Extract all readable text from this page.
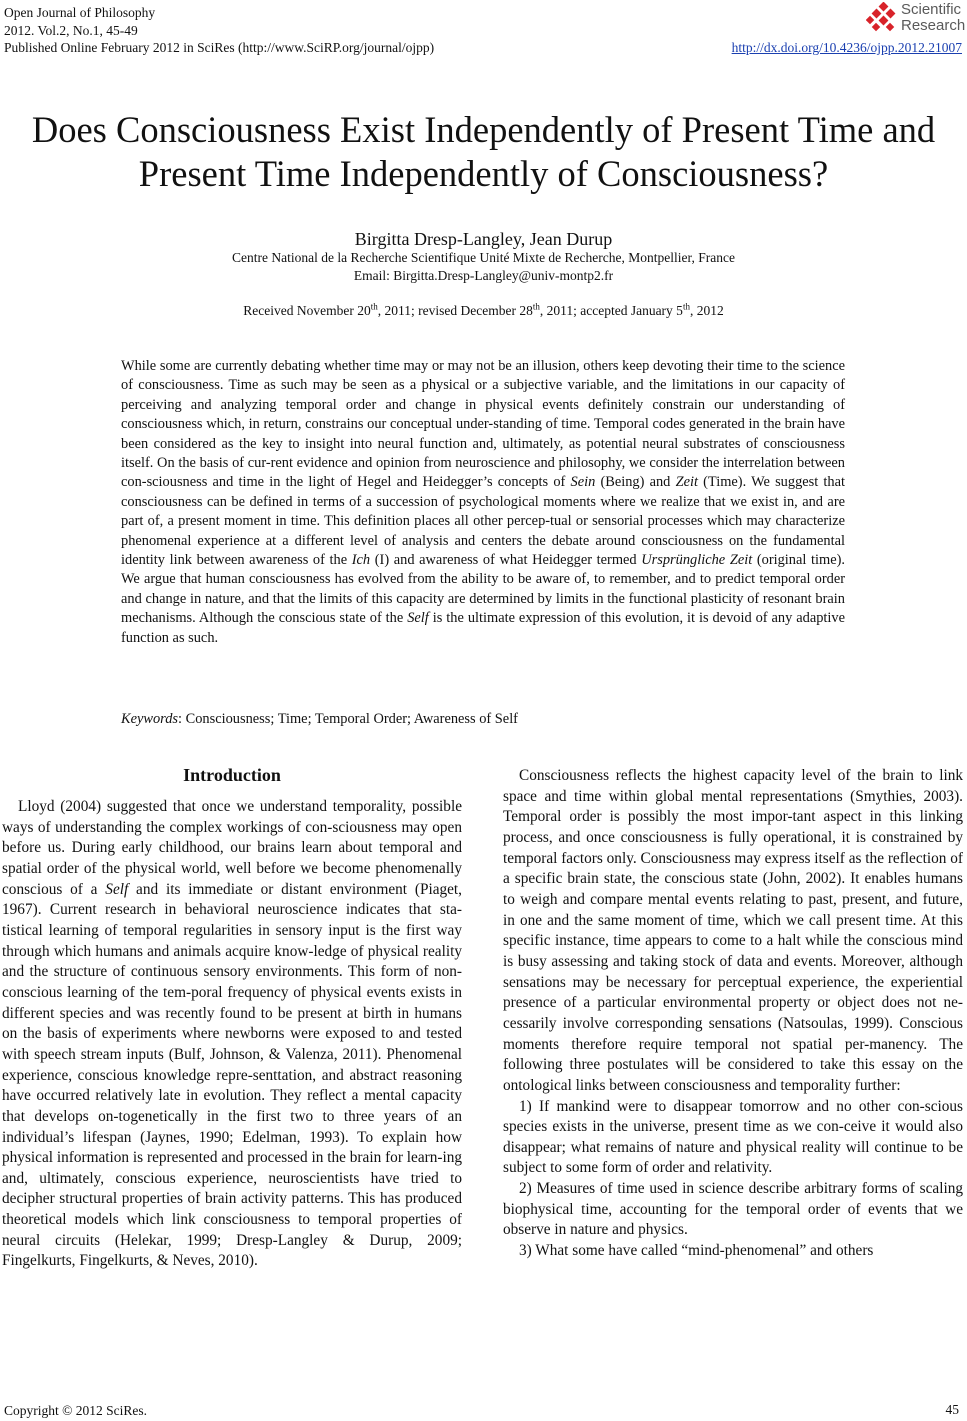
Open Journal of Philosophy
2012. Vol.2, No.1, 45-49
Published Online February 2012 in SciRes (http://www.SciRP.org/journal/ojpp)
Scientific
Research
http://dx.doi.org/10.4236/ojpp.2012.21007
Does Consciousness Exist Independently of Present Time and Present Time Independently of Consciousness?
Birgitta Dresp-Langley, Jean Durup
Centre National de la Recherche Scientifique Unité Mixte de Recherche, Montpellier, France
Email: Birgitta.Dresp-Langley@univ-montp2.fr
Received November 20th, 2011; revised December 28th, 2011; accepted January 5th, 2012
While some are currently debating whether time may or may not be an illusion, others keep devoting their time to the science of consciousness. Time as such may be seen as a physical or a subjective variable, and the limitations in our capacity of perceiving and analyzing temporal order and change in physical events definitely constrain our understanding of consciousness which, in return, constrains our conceptual under-standing of time. Temporal codes generated in the brain have been considered as the key to insight into neural function and, ultimately, as potential neural substrates of consciousness itself. On the basis of cur-rent evidence and opinion from neuroscience and philosophy, we consider the interrelation between con-sciousness and time in the light of Hegel and Heidegger’s concepts of Sein (Being) and Zeit (Time). We suggest that consciousness can be defined in terms of a succession of psychological moments where we realize that we exist in, and are part of, a present moment in time. This definition places all other percep-tual or sensorial processes which may characterize phenomenal experience at a different level of analysis and centers the debate around consciousness on the fundamental identity link between awareness of the Ich (I) and awareness of what Heidegger termed Ursprüngliche Zeit (original time). We argue that human consciousness has evolved from the ability to be aware of, to remember, and to predict temporal order and change in nature, and that the limits of this capacity are determined by limits in the functional plasticity of resonant brain mechanisms. Although the conscious state of the Self is the ultimate expression of this evolution, it is devoid of any adaptive function as such.
Keywords: Consciousness; Time; Temporal Order; Awareness of Self
Introduction

Lloyd (2004) suggested that once we understand temporality, possible ways of understanding the complex workings of con-sciousness may open before us. During early childhood, our brains learn about temporal and spatial order of the physical world, well before we become phenomenally conscious of a Self and its immediate or distant environment (Piaget, 1967). Current research in behavioral neuroscience indicates that sta-tistical learning of temporal regularities in sensory input is the first way through which humans and animals acquire know-ledge of physical reality and the structure of continuous sensory environments. This form of non-conscious learning of the tem-poral frequency of physical events exists in different species and was recently found to be present at birth in humans on the basis of experiments where newborns were exposed to and tested with speech stream inputs (Bulf, Johnson, & Valenza, 2011). Phenomenal experience, conscious knowledge repre-senttation, and abstract reasoning have occurred relatively late in evolution. They reflect a mental capacity that develops on-togenetically in the first two to three years of an individual’s lifespan (Jaynes, 1990; Edelman, 1993). To explain how physical information is represented and processed in the brain for learn-ing and, ultimately, conscious experience, neuroscientists have tried to decipher structural properties of brain activity patterns. This has produced theoretical models which link consciousness to temporal properties of neural circuits (Helekar, 1999; Dresp-Langley & Durup, 2009; Fingelkurts, Fingelkurts, & Neves, 2010).

Consciousness reflects the highest capacity level of the brain to link space and time within global mental representations (Smythies, 2003). Temporal order is possibly the most impor-tant aspect in this linking process, and once consciousness is fully operational, it is constrained by temporal factors only. Consciousness may express itself as the reflection of a specific brain state, the conscious state (John, 2002). It enables humans to weigh and compare mental events relating to past, present, and future, in one and the same moment of time, which we call present time. At this specific instance, time appears to come to a halt while the conscious mind is busy assessing and taking stock of data and events. Moreover, although sensations may be necessary for perceptual experience, the experiential presence of a particular environmental property or object does not ne-cessarily involve corresponding sensations (Natsoulas, 1999). Conscious moments therefore require temporal not spatial per-manency. The following three postulates will be considered to take this essay on the ontological links between consciousness and temporality further:

1) If mankind were to disappear tomorrow and no other con-scious species exists in the universe, present time as we con-ceive it would also disappear; what remains of nature and physical reality will continue to be subject to some form of order and relativity.

2) Measures of time used in science describe arbitrary forms of scaling biophysical time, accounting for the temporal order of events that we observe in nature and physics.

3) What some have called “mind-phenomenal” and others

Copyright © 2012 SciRes.	45
